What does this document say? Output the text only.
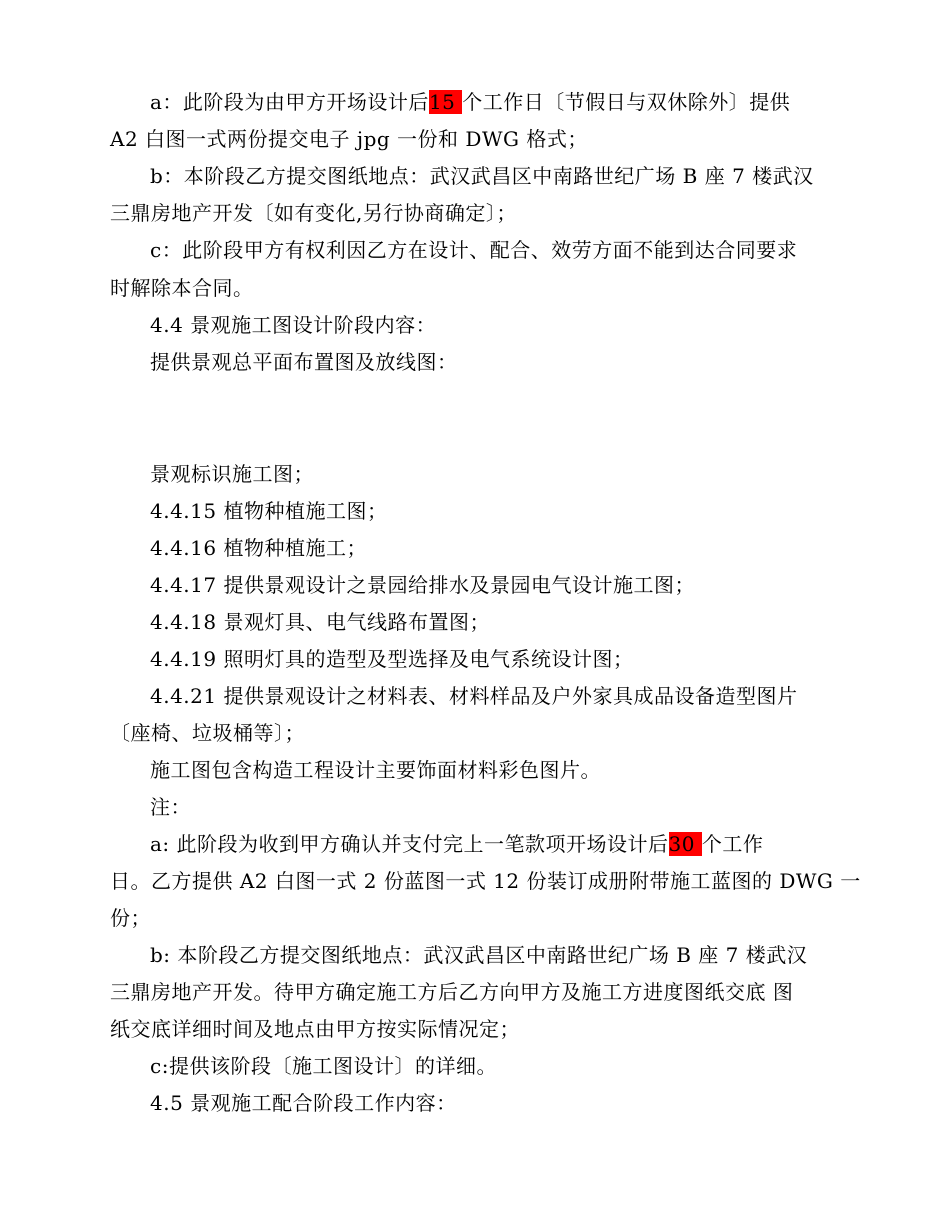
a：此阶段为由甲方开场设计后15 个工作日〔节假日与双休除外〕提供
A2 白图一式两份提交电子 jpg 一份和 DWG 格式；
b：本阶段乙方提交图纸地点：武汉武昌区中南路世纪广场 B 座 7 楼武汉
三鼎房地产开发〔如有变化,另行协商确定〕；
c：此阶段甲方有权利因乙方在设计、配合、效劳方面不能到达合同要求
时解除本合同。
4.4 景观施工图设计阶段内容：
提供景观总平面布置图及放线图：
景观标识施工图；
4.4.15 植物种植施工图；
4.4.16 植物种植施工；
4.4.17 提供景观设计之景园给排水及景园电气设计施工图；
4.4.18 景观灯具、电气线路布置图；
4.4.19 照明灯具的造型及型选择及电气系统设计图；
4.4.21 提供景观设计之材料表、材料样品及户外家具成品设备造型图片
〔座椅、垃圾桶等〕；
施工图包含构造工程设计主要饰面材料彩色图片。
注：
a: 此阶段为收到甲方确认并支付完上一笔款项开场设计后30 个工作
日。乙方提供 A2 白图一式 2 份蓝图一式 12 份装订成册附带施工蓝图的 DWG 一
份；
b: 本阶段乙方提交图纸地点：武汉武昌区中南路世纪广场 B 座 7 楼武汉
三鼎房地产开发。待甲方确定施工方后乙方向甲方及施工方进度图纸交底 图
纸交底详细时间及地点由甲方按实际情况定；
c:提供该阶段〔施工图设计〕的详细。
4.5 景观施工配合阶段工作内容：
